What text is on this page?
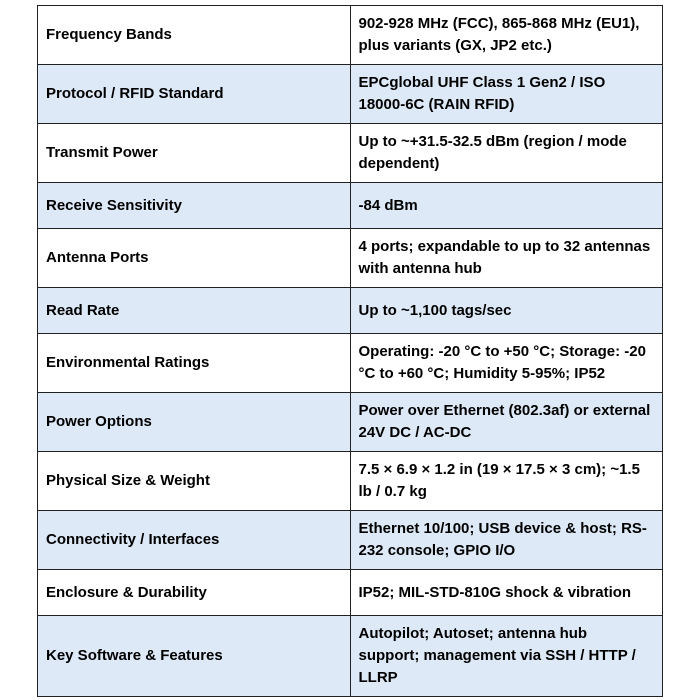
Frequency Bands	902-928 MHz (FCC), 865-868 MHz (EU1), plus variants (GX, JP2 etc.)
Protocol / RFID Standard	EPCglobal UHF Class 1 Gen2 / ISO 18000-6C (RAIN RFID)
Transmit Power	Up to ~+31.5-32.5 dBm (region / mode dependent)
Receive Sensitivity	-84 dBm
Antenna Ports	4 ports; expandable to up to 32 antennas with antenna hub
Read Rate	Up to ~1,100 tags/sec
Environmental Ratings	Operating: -20 °C to +50 °C; Storage: -20 °C to +60 °C; Humidity 5-95%; IP52
Power Options	Power over Ethernet (802.3af) or external 24V DC / AC-DC
Physical Size & Weight	7.5 × 6.9 × 1.2 in (19 × 17.5 × 3 cm); ~1.5 lb / 0.7 kg
Connectivity / Interfaces	Ethernet 10/100; USB device & host; RS-232 console; GPIO I/O
Enclosure & Durability	IP52; MIL-STD-810G shock & vibration
Key Software & Features	Autopilot; Autoset; antenna hub support; management via SSH / HTTP / LLRP
